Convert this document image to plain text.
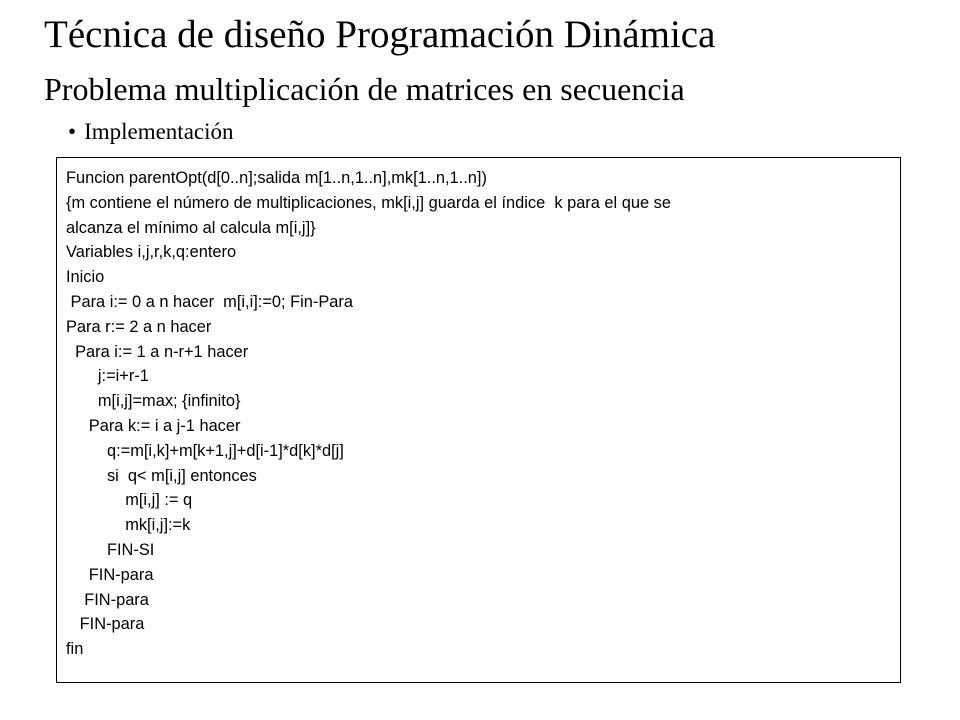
Técnica de diseño Programación Dinámica
Problema multiplicación de matrices en secuencia
• Implementación
Funcion parentOpt(d[0..n];salida m[1..n,1..n],mk[1..n,1..n])
{m contiene el número de multiplicaciones, mk[i,j] guarda el índice  k para el que se
alcanza el mínimo al calcula m[i,j]}
Variables i,j,r,k,q:entero
Inicio
Para i:= 0 a n hacer  m[i,i]:=0; Fin-Para
Para r:= 2 a n hacer
Para i:= 1 a n-r+1 hacer
j:=i+r-1
m[i,j]=max; {infinito}
Para k:= i a j-1 hacer
q:=m[i,k]+m[k+1,j]+d[i-1]*d[k]*d[j]
si  q< m[i,j] entonces
m[i,j] := q
mk[i,j]:=k
FIN-SI
FIN-para
FIN-para
FIN-para
fin
